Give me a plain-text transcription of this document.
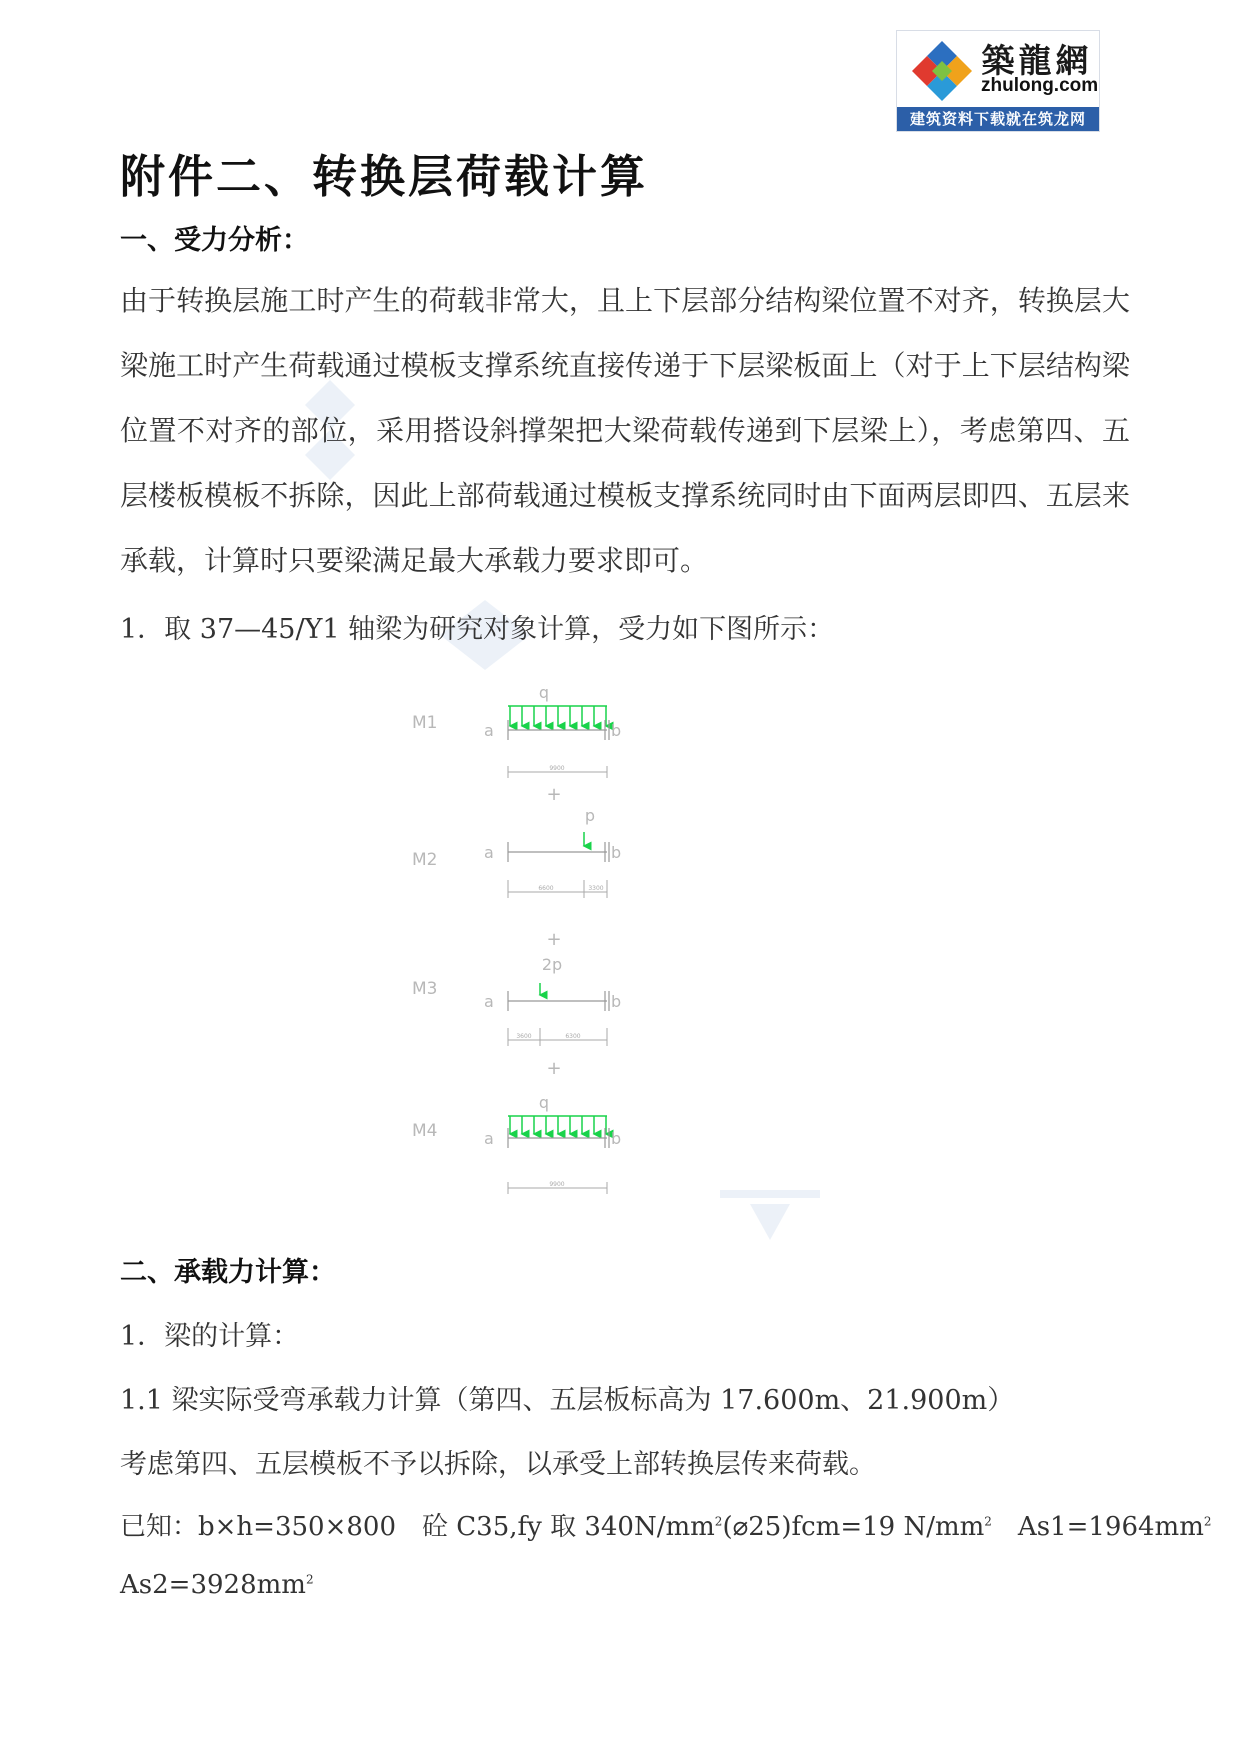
築龍網
zhulong.com
建筑资料下载就在筑龙网
附件二、转换层荷载计算
一、受力分析：

由于转换层施工时产生的荷载非常大，且上下层部分结构梁位置不对齐，转换层大梁施工时产生荷载通过模板支撑系统直接传递于下层梁板面上（对于上下层结构梁位置不对齐的部位，采用搭设斜撑架把大梁荷载传递到下层梁上），考虑第四、五层楼板模板不拆除，因此上部荷载通过模板支撑系统同时由下面两层即四、五层来承载，计算时只要梁满足最大承载力要求即可。

1．取 37—45/Y1 轴梁为研究对象计算，受力如下图所示：

M1
q
a	b
9900
+
M2
p
a	b
6600	3300
+
M3
2p
a	b
3600	6300
+
M4
q
a	b
9900
二、承载力计算：

1．梁的计算：

1.1 梁实际受弯承载力计算（第四、五层板标高为 17.600m、21.900m）

考虑第四、五层模板不予以拆除，以承受上部转换层传来荷载。

已知：b×h=350×800　砼 C35,fy 取 $340N/mm^2(⌀25)fcm=19$ $N/mm^2$　$As1=1964mm^2$

$As2=3928mm^2$
